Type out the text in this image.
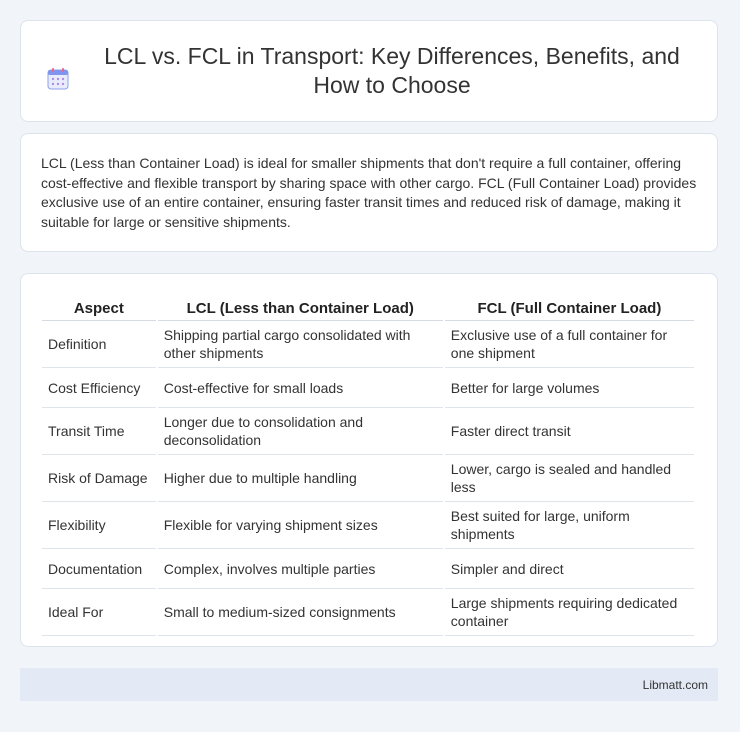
LCL vs. FCL in Transport: Key Differences, Benefits, and How to Choose

LCL (Less than Container Load) is ideal for smaller shipments that don't require a full container, offering cost-effective and flexible transport by sharing space with other cargo. FCL (Full Container Load) provides exclusive use of an entire container, ensuring faster transit times and reduced risk of damage, making it suitable for large or sensitive shipments.

Aspect	LCL (Less than Container Load)	FCL (Full Container Load)
Definition	Shipping partial cargo consolidated with other shipments	Exclusive use of a full container for one shipment
Cost Efficiency	Cost-effective for small loads	Better for large volumes
Transit Time	Longer due to consolidation and deconsolidation	Faster direct transit
Risk of Damage	Higher due to multiple handling	Lower, cargo is sealed and handled less
Flexibility	Flexible for varying shipment sizes	Best suited for large, uniform shipments
Documentation	Complex, involves multiple parties	Simpler and direct
Ideal For	Small to medium-sized consignments	Large shipments requiring dedicated container
Libmatt.com
